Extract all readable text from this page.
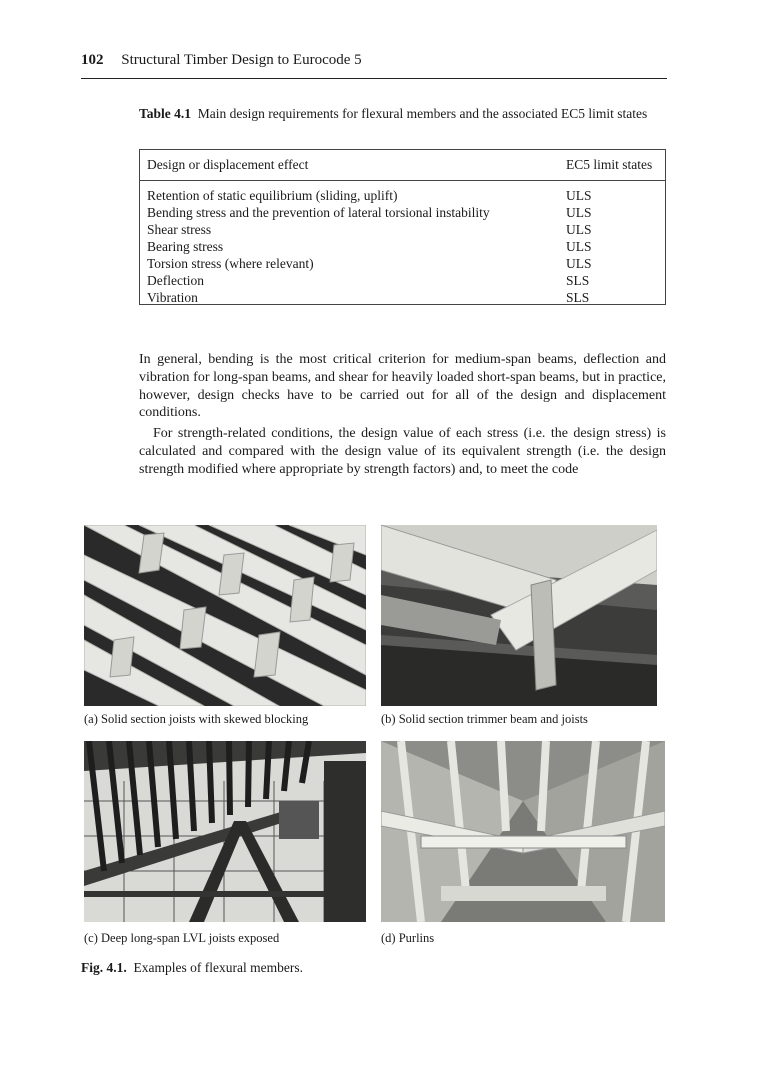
102 Structural Timber Design to Eurocode 5
Table 4.1 Main design requirements for flexural members and the associated EC5 limit states
Design or displacement effect	EC5 limit states
Retention of static equilibrium (sliding, uplift)	ULS
Bending stress and the prevention of lateral torsional instability	ULS
Shear stress	ULS
Bearing stress	ULS
Torsion stress (where relevant)	ULS
Deflection	SLS
Vibration	SLS
In general, bending is the most critical criterion for medium-span beams, deflection and vibration for long-span beams, and shear for heavily loaded short-span beams, but in practice, however, design checks have to be carried out for all of the design and displacement conditions.
For strength-related conditions, the design value of each stress (i.e. the design stress) is calculated and compared with the design value of its equivalent strength (i.e. the design strength modified where appropriate by strength factors) and, to meet the code
(a) Solid section joists with skewed blocking	(b) Solid section trimmer beam and joists
(c) Deep long-span LVL joists exposed	(d) Purlins
Fig. 4.1. Examples of flexural members.
